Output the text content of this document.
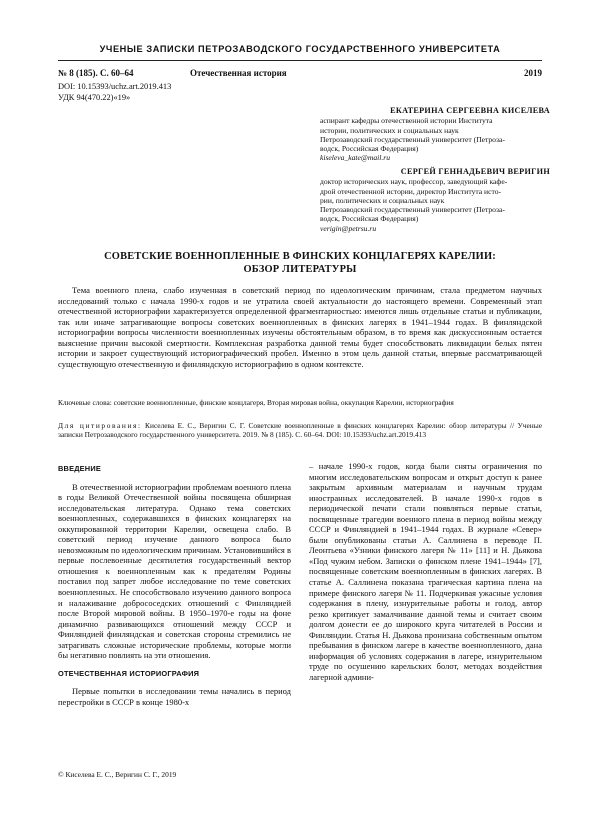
УЧЕНЫЕ ЗАПИСКИ ПЕТРОЗАВОДСКОГО ГОСУДАРСТВЕННОГО УНИВЕРСИТЕТА
№ 8 (185). С. 60–64	Отечественная история	2019
DOI: 10.15393/uchz.art.2019.413
УДК 94(470.22)«19»
ЕКАТЕРИНА СЕРГЕЕВНА КИСЕЛЕВА
аспирант кафедры отечественной истории Института
истории, политических и социальных наук
Петрозаводский государственный университет (Петроза-
водск, Российская Федерация)
kiseleva_kate@mail.ru
СЕРГЕЙ ГЕННАДЬЕВИЧ ВЕРИГИН
доктор исторических наук, профессор, заведующий кафе-
дрой отечественной истории, директор Института исто-
рии, политических и социальных наук
Петрозаводский государственный университет (Петроза-
водск, Российская Федерация)
verigin@petrsu.ru
СОВЕТСКИЕ ВОЕННОПЛЕННЫЕ В ФИНСКИХ КОНЦЛАГЕРЯХ КАРЕЛИИ:
ОБЗОР ЛИТЕРАТУРЫ
Тема военного плена, слабо изученная в советский период по идеологическим причинам, стала предметом научных исследований только с начала 1990-х годов и не утратила своей актуальности до настоящего времени. Современный этап отечественной историографии характеризуется определенной фрагментарностью: имеются лишь отдельные статьи и публикации, так или иначе затрагивающие вопросы советских военнопленных в финских лагерях в 1941–1944 годах. В финляндской историографии вопросы численности военнопленных изучены обстоятельным образом, в то время как дискуссионным остается выяснение причин высокой смертности. Комплексная разработка данной темы будет способствовать ликвидации белых пятен истории и закроет существующий историографический пробел. Именно в этом цель данной статьи, впервые рассматривающей существующую отечественную и финляндскую историографию в одном контексте.
Ключевые слова: советские военнопленные, финские концлагеря, Вторая мировая война, оккупация Карелии, историография
Для цитирования: Киселева Е. С., Веригин С. Г. Советские военнопленные в финских концлагерях Карелии: обзор литературы // Ученые записки Петрозаводского государственного университета. 2019. № 8 (185). С. 60–64. DOI: 10.15393/uchz.art.2019.413
ВВЕДЕНИЕ

В отечественной историографии проблемам военного плена в годы Великой Отечественной войны посвящена обширная исследовательская литература. Однако тема советских военнопленных, содержавшихся в финских концлагерях на оккупированной территории Карелии, освещена слабо. В советский период изучение данного вопроса было невозможным по идеологическим причинам. Установившийся в первые послевоенные десятилетия государственный вектор отношения к военнопленным как к предателям Родины поставил под запрет любое исследование по теме советских военнопленных. Не способствовало изучению данного вопроса и налаживание добрососедских отношений с Финляндией после Второй мировой войны. В 1950–1970-е годы на фоне динамично развивающихся отношений между СССР и Финляндией финляндская и советская стороны стремились не затрагивать сложные исторические проблемы, которые могли бы негативно повлиять на эти отношения.

ОТЕЧЕСТВЕННАЯ ИСТОРИОГРАФИЯ

Первые попытки в исследовании темы начались в период перестройки в СССР в конце 1980-х

– начале 1990-х годов, когда были сняты ограничения по многим исследовательским вопросам и открыт доступ к ранее закрытым архивным материалам и научным трудам иностранных исследователей. В начале 1990-х годов в периодической печати стали появляться первые статьи, посвященные трагедии военного плена в период войны между СССР и Финляндией в 1941–1944 годах. В журнале «Север» были опубликованы статьи А. Саллинена в переводе П. Леонтьева «Узники финского лагеря № 11» [11] и Н. Дьякова «Под чужим небом. Записки о финском плене 1941–1944» [7], посвященные советским военнопленным в финских лагерях. В статье А. Саллинена показана трагическая картина плена на примере финского лагеря № 11. Подчеркивая ужасные условия содержания в плену, изнурительные работы и голод, автор резко критикует замалчивание данной темы и считает своим долгом донести ее до широкого круга читателей в России и Финляндии. Статья Н. Дьякова пронизана собственным опытом пребывания в финском лагере в качестве военнопленного, дана информация об условиях содержания в лагере, изнурительном труде по осушению карельских болот, методах воздействия лагерной админи-

© Киселева Е. С., Веригин С. Г., 2019
